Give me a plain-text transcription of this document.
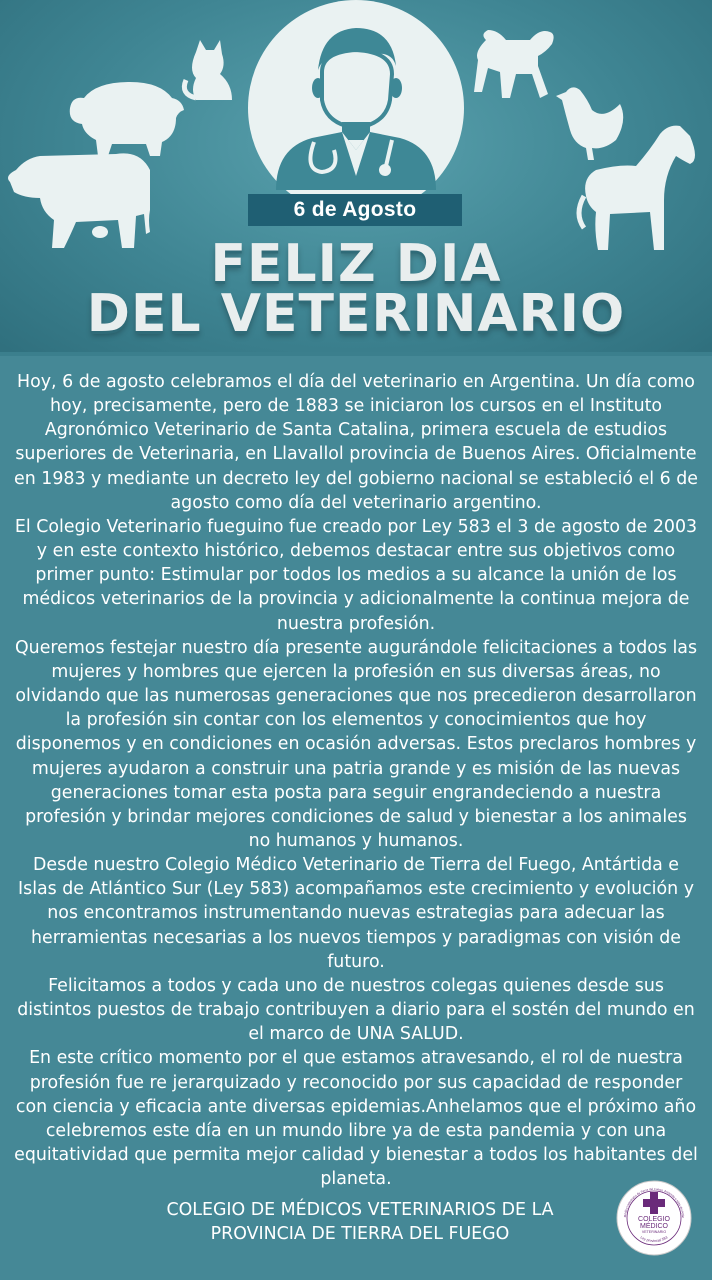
6 de Agosto
FELIZ DIA
DEL VETERINARIO

Hoy, 6 de agosto celebramos el día del veterinario en Argentina. Un día como hoy, precisamente, pero de 1883 se iniciaron los cursos en el Instituto Agronómico Veterinario de Santa Catalina, primera escuela de estudios superiores de Veterinaria, en Llavallol provincia de Buenos Aires. Oficialmente en 1983 y mediante un decreto ley del gobierno nacional se estableció el 6 de agosto como día del veterinario argentino.

El Colegio Veterinario fueguino fue creado por Ley 583 el 3 de agosto de 2003 y en este contexto histórico, debemos destacar entre sus objetivos como primer punto: Estimular por todos los medios a su alcance la unión de los médicos veterinarios de la provincia y adicionalmente la continua mejora de nuestra profesión.

Queremos festejar nuestro día presente augurándole felicitaciones a todos las mujeres y hombres que ejercen la profesión en sus diversas áreas, no olvidando que las numerosas generaciones que nos precedieron desarrollaron la profesión sin contar con los elementos y conocimientos que hoy disponemos y en condiciones en ocasión adversas. Estos preclaros hombres y mujeres ayudaron a construir una patria grande y es misión de las nuevas generaciones tomar esta posta para seguir engrandeciendo a nuestra profesión y brindar mejores condiciones de salud y bienestar a los animales no humanos y humanos.

Desde nuestro Colegio Médico Veterinario de Tierra del Fuego, Antártida e Islas de Atlántico Sur (Ley 583) acompañamos este crecimiento y evolución y nos encontramos instrumentando nuevas estrategias para adecuar las herramientas necesarias a los nuevos tiempos y paradigmas con visión de futuro.

Felicitamos a todos y cada uno de nuestros colegas quienes desde sus distintos puestos de trabajo contribuyen a diario para el sostén del mundo en el marco de UNA SALUD.

En este crítico momento por el que estamos atravesando, el rol de nuestra profesión fue re jerarquizado y reconocido por sus capacidad de responder con ciencia y eficacia ante diversas epidemias.Anhelamos que el próximo año celebremos este día en un mundo libre ya de esta pandemia y con una equitatividad que permita mejor calidad y bienestar a todos los habitantes del planeta.

COLEGIO DE MÉDICOS VETERINARIOS DE LA
PROVINCIA DE TIERRA DEL FUEGO
COLEGIO
MÉDICO
VETERINARIO
Médico Veterinario de Tierra del Fuego, Antártida e Islas del Atlán
Ley provincial 583
